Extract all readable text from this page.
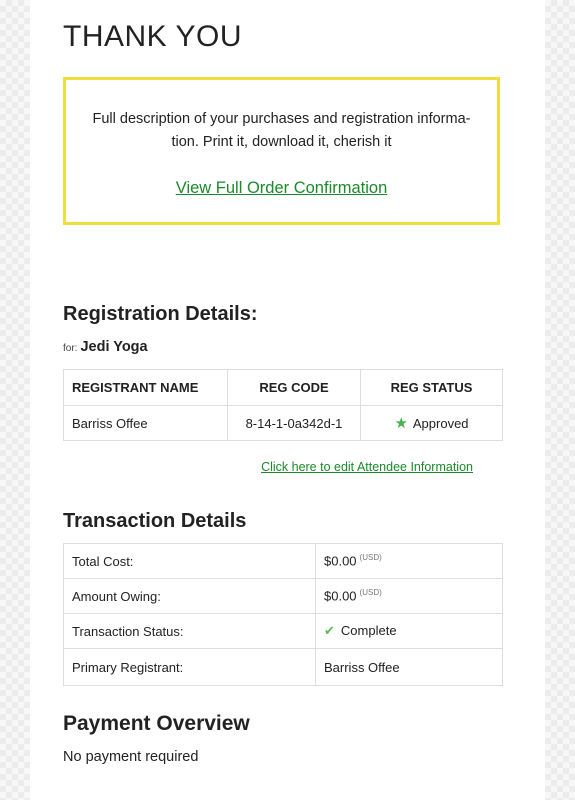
THANK YOU
Full description of your purchases and registration informa-tion. Print it, download it, cherish it
View Full Order Confirmation
Registration Details:
for: Jedi Yoga
REGISTRANT NAME	REG CODE	REG STATUS
Barriss Offee	8-14-1-0a342d-1	★ Approved
Click here to edit Attendee Information
Transaction Details
Total Cost:	$0.00 $^{(USD)}$
Amount Owing:	$0.00 $^{(USD)}$
Transaction Status:	✔ Complete
Primary Registrant:	Barriss Offee
Payment Overview
No payment required
